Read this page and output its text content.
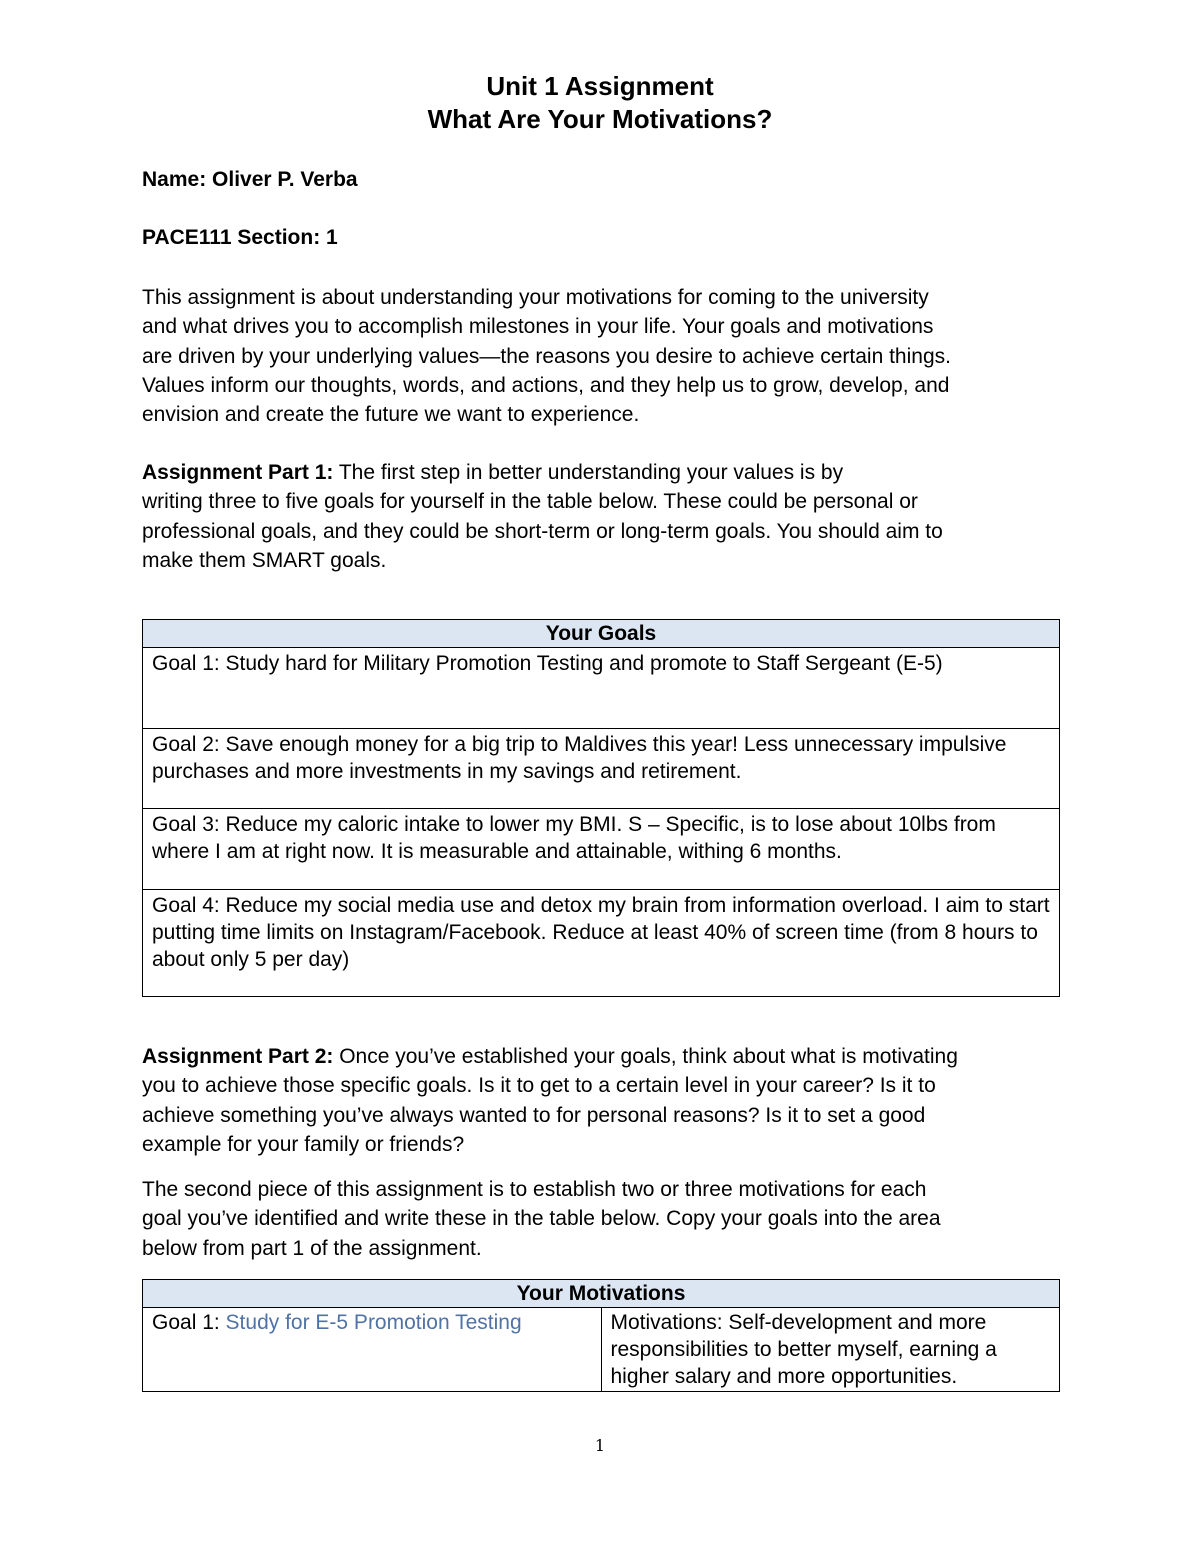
Unit 1 Assignment
What Are Your Motivations?
Name: Oliver P. Verba
PACE111 Section: 1

This assignment is about understanding your motivations for coming to the university
and what drives you to accomplish milestones in your life. Your goals and motivations
are driven by your underlying values—the reasons you desire to achieve certain things.
Values inform our thoughts, words, and actions, and they help us to grow, develop, and
envision and create the future we want to experience.

Assignment Part 1: The first step in better understanding your values is by
writing three to five goals for yourself in the table below. These could be personal or
professional goals, and they could be short-term or long-term goals. You should aim to
make them SMART goals.

Your Goals
Goal 1: Study hard for Military Promotion Testing and promote to Staff Sergeant (E-5)
Goal 2: Save enough money for a big trip to Maldives this year! Less unnecessary impulsive purchases and more investments in my savings and retirement.
Goal 3: Reduce my caloric intake to lower my BMI. S – Specific, is to lose about 10lbs from where I am at right now. It is measurable and attainable, withing 6 months.
Goal 4: Reduce my social media use and detox my brain from information overload. I aim to start putting time limits on Instagram/Facebook. Reduce at least 40% of screen time (from 8 hours to about only 5 per day)

Assignment Part 2: Once you’ve established your goals, think about what is motivating
you to achieve those specific goals. Is it to get to a certain level in your career? Is it to
achieve something you’ve always wanted to for personal reasons? Is it to set a good
example for your family or friends?

The second piece of this assignment is to establish two or three motivations for each
goal you’ve identified and write these in the table below. Copy your goals into the area
below from part 1 of the assignment.

Your Motivations
Goal 1: Study for E-5 Promotion Testing	Motivations: Self-development and more responsibilities to better myself, earning a higher salary and more opportunities.
1
